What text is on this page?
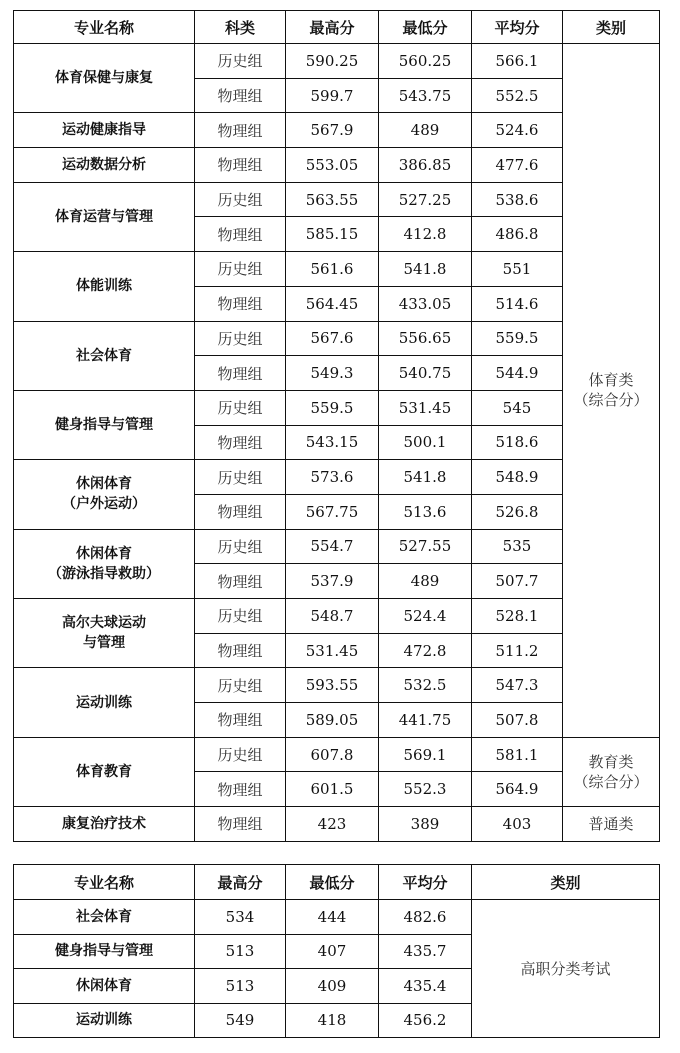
专业名称	科类	最高分	最低分	平均分	类别
体育保健与康复	历史组	590.25	560.25	566.1	体育类
（综合分）
	物理组	599.7	543.75	552.5	
运动健康指导	物理组	567.9	489	524.6	
运动数据分析	物理组	553.05	386.85	477.6	
体育运营与管理	历史组	563.55	527.25	538.6	
	物理组	585.15	412.8	486.8	
体能训练	历史组	561.6	541.8	551	
	物理组	564.45	433.05	514.6	
社会体育	历史组	567.6	556.65	559.5	
	物理组	549.3	540.75	544.9	
健身指导与管理	历史组	559.5	531.45	545	
	物理组	543.15	500.1	518.6	
休闲体育
（户外运动）	历史组	573.6	541.8	548.9	
	物理组	567.75	513.6	526.8	
休闲体育
（游泳指导救助）	历史组	554.7	527.55	535	
	物理组	537.9	489	507.7	
高尔夫球运动
与管理	历史组	548.7	524.4	528.1	
	物理组	531.45	472.8	511.2	
运动训练	历史组	593.55	532.5	547.3	
	物理组	589.05	441.75	507.8	
体育教育	历史组	607.8	569.1	581.1	教育类
（综合分）
	物理组	601.5	552.3	564.9	
康复治疗技术	物理组	423	389	403	普通类
专业名称	最高分	最低分	平均分	类别
社会体育	534	444	482.6	高职分类考试
健身指导与管理	513	407	435.7	
休闲体育	513	409	435.4	
运动训练	549	418	456.2	
